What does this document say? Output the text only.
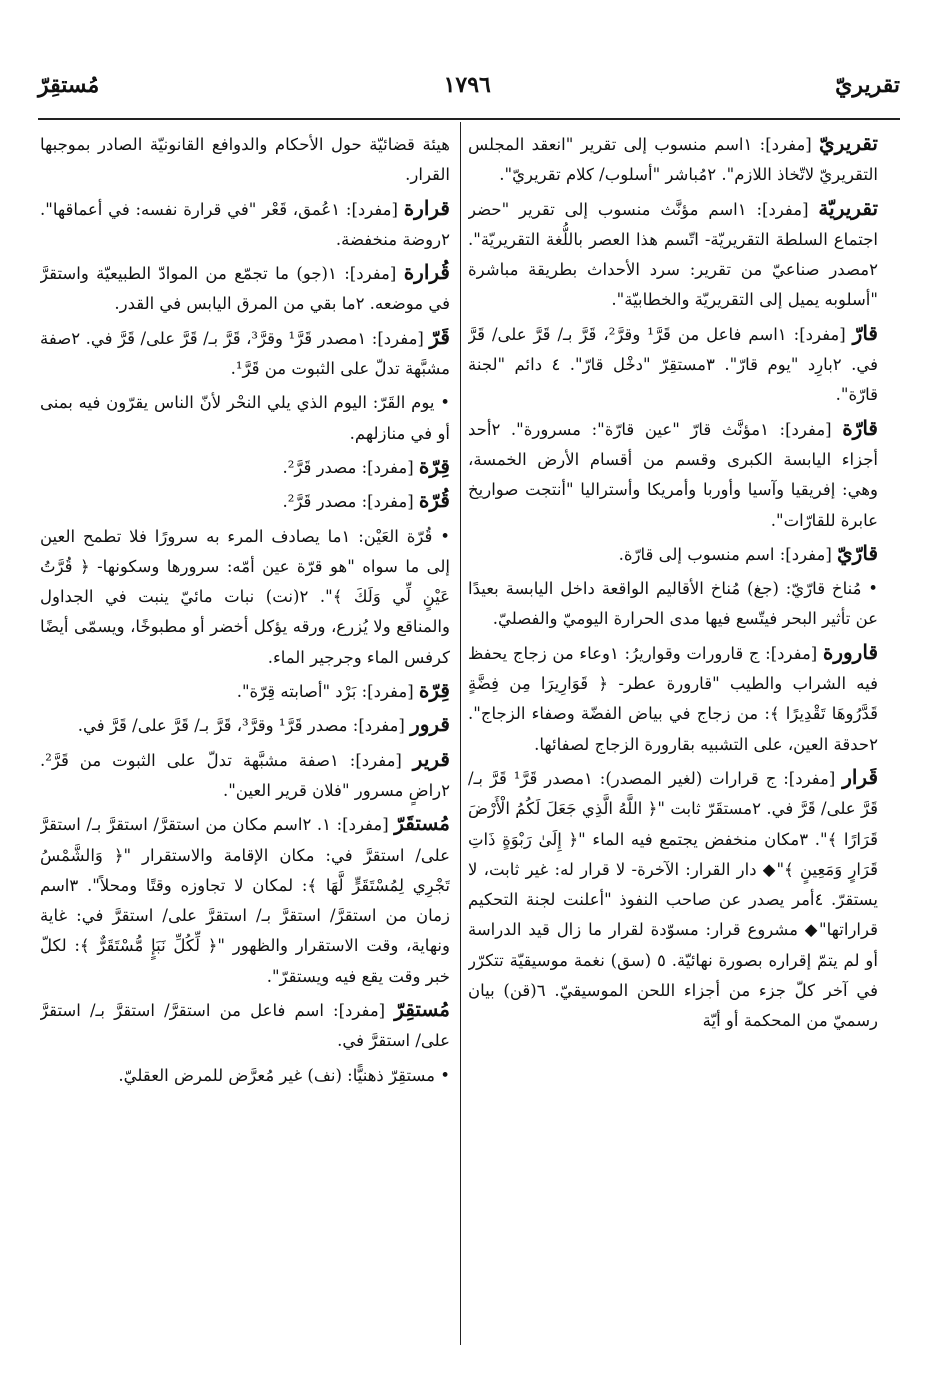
تقريريّ
١٧٩٦
مُستقِرّ

تقريريّ [مفرد]: ١اسم منسوب إلى تقرير "انعقد المجلس التقريريّ لاتّخاذ اللازم". ٢مُباشر "أسلوب/ كلام تقريريّ".

تقريريّة [مفرد]: ١اسم مؤنَّث منسوب إلى تقرير "حضر اجتماع السلطة التقريريّة- اتّسم هذا العصر باللُّغة التقريريّة". ٢مصدر صناعيّ من تقرير: سرد الأحداث بطريقة مباشرة "أسلوبه يميل إلى التقريريّة والخطابيّة".

قارّ [مفرد]: ١اسم فاعل من قَرَّ¹ وقرَّ²، قَرَّ بـ/ قَرَّ على/ قَرَّ في. ٢بارِد "يوم قارّ". ٣مستقِرّ "دخْل قارّ". ٤ دائم "لجنة قارّة".

قارّة [مفرد]: ١مؤنَّث قارّ "عين قارّة": مسرورة". ٢أحد أجزاء اليابسة الكبرى وقسم من أقسام الأرض الخمسة، وهي: إفريقيا وآسيا وأوربا وأمريكا وأستراليا "أنتجت صواريخ عابرة للقارّات".

قارّيّ [مفرد]: اسم منسوب إلى قارّة.

• مُناخ قارّيّ: (جغ) مُناخ الأقاليم الواقعة داخل اليابسة بعيدًا عن تأثير البحر فيتّسع فيها مدى الحرارة اليوميّ والفصليّ.

قارورة [مفرد]: ج قارورات وقواريرُ: ١وعاء من زجاج يحفظ فيه الشراب والطيب "قارورة عطر- ﴿ قَوَارِيرَا مِن فِضَّةٍ قَدَّرُوهَا تَقْدِيرًا ﴾: من زجاج في بياض الفضّة وصفاء الزجاج". ٢حدقة العين، على التشبيه بقارورة الزجاج لصفائها.

قَرار [مفرد]: ج قرارات (لغير المصدر): ١مصدر قَرَّ¹ قَرَّ بـ/ قَرَّ على/ قَرَّ في. ٢مستقَرّ ثابت "﴿ اللَّهُ الَّذِي جَعَلَ لَكُمُ الْأَرْضَ قَرَارًا ﴾". ٣مكان منخفض يجتمع فيه الماء "﴿ إِلَىٰ رَبْوَةٍ ذَاتِ قَرَارٍ وَمَعِينٍ ﴾"◆ دار القرار: الآخرة- لا قرار له: غير ثابت، لا يستقرّ. ٤أمر يصدر عن صاحب النفوذ "أعلنت لجنة التحكيم قراراتها"◆ مشروع قرار: مسوّدة لقرار ما زال قيد الدراسة أو لم يتمّ إقراره بصورة نهائيّة. ٥ (سق) نغمة موسيقيّة تتكرّر في آخر كلّ جزء من أجزاء اللحن الموسيقيّ. ٦(قن) بيان رسميّ من المحكمة أو أيّة

هيئة قضائيّة حول الأحكام والدوافع القانونيّة الصادر بموجبها القرار.

قرارة [مفرد]: ١عُمق، قَعْر "في قرارة نفسه: في أعماقها". ٢روضة منخفضة.

قُرارة [مفرد]: ١(جو) ما تجمّع من الموادّ الطبيعيّة واستقرَّ في موضعه. ٢ما بقي من المرق اليابس في القدر.

قَرّ [مفرد]: ١مصدر قَرَّ¹ وقرَّ³، قَرَّ بـ/ قَرَّ على/ قَرَّ في. ٢صفة مشبَّهة تدلّ على الثبوت من قَرَّ¹.

• يوم القَرّ: اليوم الذي يلي النحْر لأنّ الناس يقرّون فيه بمنى أو في منازلهم.

قِرّة [مفرد]: مصدر قَرَّ².

قُرّة [مفرد]: مصدر قَرَّ².

• قُرّة العَيْن: ١ما يصادف المرء به سرورًا فلا تطمح العين إلى ما سواه "هو قرّة عين أمّه: سرورها وسكونها- ﴿ قُرَّتُ عَيْنٍ لِّي وَلَكَ ﴾". ٢(نت) نبات مائيّ ينبت في الجداول والمناقع ولا يُزرع، ورقه يؤكل أخضر أو مطبوخًا، ويسمّى أيضًا كرفس الماء وجرجير الماء.

قِرّة [مفرد]: بَرْد "أصابته قِرّة".

قرور [مفرد]: مصدر قَرَّ¹ وقرَّ³، قَرَّ بـ/ قَرَّ على/ قَرَّ في.

قرير [مفرد]: ١صفة مشبَّهة تدلّ على الثبوت من قَرَّ². ٢راضٍ مسرور "فلان قرير العين".

مُستقَرّ [مفرد]: ١. ٢اسم مكان من استقرَّ/ استقرَّ بـ/ استقرَّ على/ استقرَّ في: مكان الإقامة والاستقرار "﴿ وَالشَّمْسُ تَجْرِي لِمُسْتَقَرٍّ لَّهَا ﴾: لمكان لا تجاوزه وقتًا ومحلاً". ٣اسم زمان من استقرَّ/ استقرَّ بـ/ استقرَّ على/ استقرَّ في: غاية ونهاية، وقت الاستقرار والظهور "﴿ لِّكُلِّ نَبَإٍ مُّسْتَقَرٌّ ﴾: لكلّ خبر وقت يقع فيه ويستقرّ".

مُستقِرّ [مفرد]: اسم فاعل من استقرَّ/ استقرَّ بـ/ استقرَّ على/ استقرَّ في.

• مستقِرّ ذهنيًّا: (نف) غير مُعرَّض للمرض العقليّ.
